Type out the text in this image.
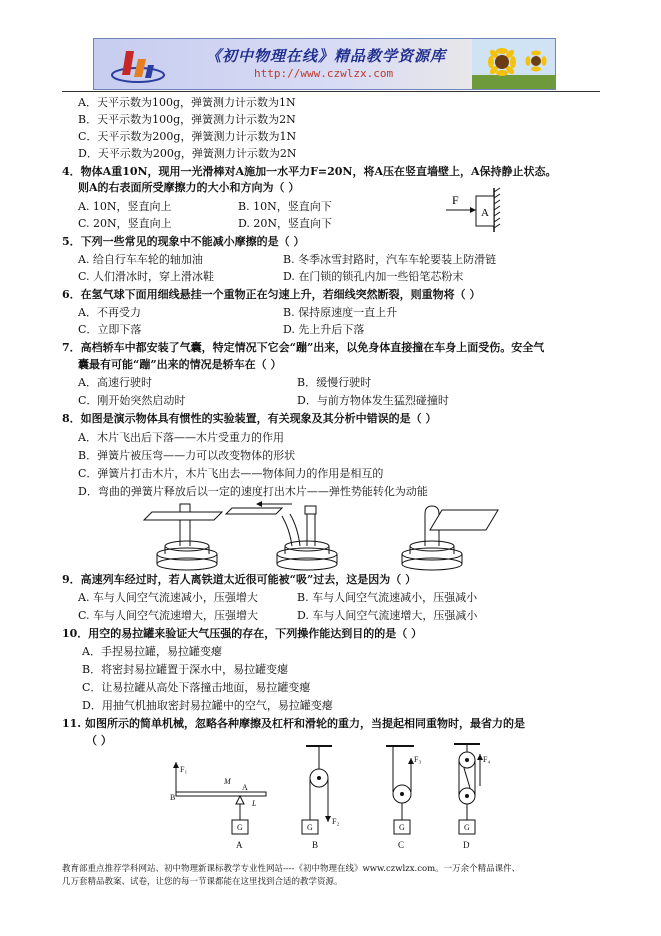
《初中物理在线》精品教学资源库
http://www.czwlzx.com
A．天平示数为100g，弹簧测力计示数为1N
B．天平示数为100g，弹簧测力计示数为2N
C．天平示数为200g，弹簧测力计示数为1N
D．天平示数为200g，弹簧测力计示数为2N
4．物体A重10N，现用一光滑棒对A施加一水平力F=20N，将A压在竖直墙壁上，A保持静止状态。
则A的右表面所受摩擦力的大小和方向为（ ）
A. 10N，竖直向上	B. 10N，竖直向下
C. 20N，竖直向上	D. 20N，竖直向下
F
A
5．下列一些常见的现象中不能减小摩擦的是（ ）
A. 给自行车车轮的轴加油	B. 冬季冰雪封路时，汽车车轮要装上防滑链
C. 人们滑冰时，穿上滑冰鞋	D. 在门锁的锁孔内加一些铅笔芯粉末
6．在氢气球下面用细线悬挂一个重物正在匀速上升，若细线突然断裂，则重物将（ ）
A．不再受力	B. 保持原速度一直上升
C．立即下落	D. 先上升后下落
7．高档轿车中都安装了气囊，特定情况下它会“蹦”出来，以免身体直接撞在车身上面受伤。安全气
囊最有可能“蹦”出来的情况是轿车在（ ）
A．高速行驶时	B．缓慢行驶时
C．刚开始突然启动时	D．与前方物体发生猛烈碰撞时
8．如图是演示物体具有惯性的实验装置，有关现象及其分析中错误的是（ ）
A．木片飞出后下落——木片受重力的作用
B．弹簧片被压弯——力可以改变物体的形状
C．弹簧片打击木片，木片飞出去——物体间力的作用是相互的
D．弯曲的弹簧片释放后以一定的速度打出木片——弹性势能转化为动能
9．高速列车经过时，若人离铁道太近很可能被“吸”过去，这是因为（ ）
A. 车与人间空气流速减小，压强增大	B. 车与人间空气流速减小，压强减小
C. 车与人间空气流速增大，压强增大	D. 车与人间空气流速增大，压强减小
10．用空的易拉罐来验证大气压强的存在，下列操作能达到目的的是（ ）
A．手捏易拉罐，易拉罐变瘪
B．将密封易拉罐置于深水中，易拉罐变瘪
C．让易拉罐从高处下落撞击地面，易拉罐变瘪
D．用抽气机抽取密封易拉罐中的空气，易拉罐变瘪
11. 如图所示的简单机械，忽略各种摩擦及杠杆和滑轮的重力，当提起相同重物时，最省力的是
（ ）
F₁
B
M
A
L
G
A
F₂
G
B
F₃
G
C
F₄
G
D
教育部重点推荐学科网站、初中物理新课标教学专业性网站----《初中物理在线》www.czwlzx.com。一万余个精品课件、
几万套精品教案、试卷，让您的每一节课都能在这里找到合适的教学资源。
